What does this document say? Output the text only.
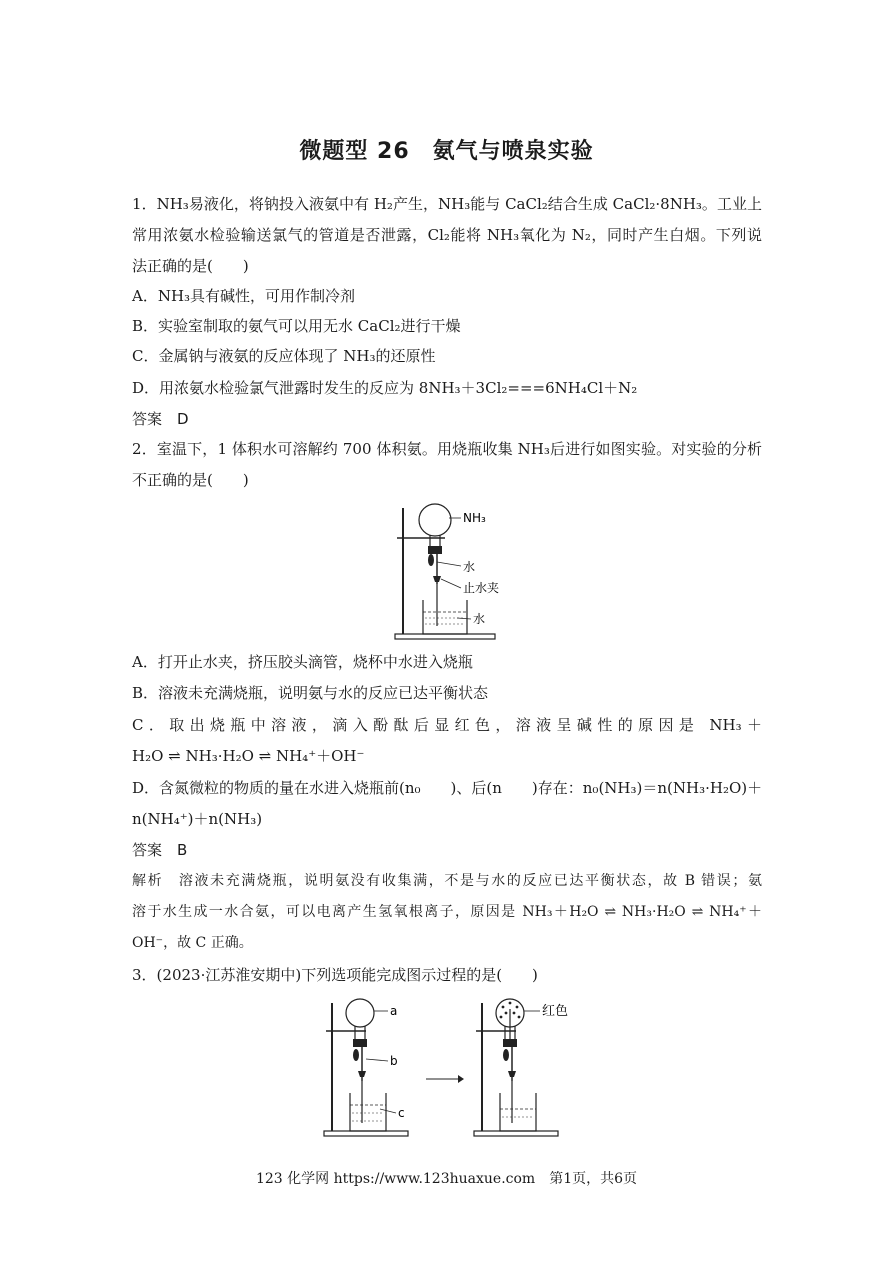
微题型 26　氨气与喷泉实验
1．NH₃易液化，将钠投入液氨中有 H₂产生，NH₃能与 CaCl₂结合生成 CaCl₂·8NH₃。工业上
常用浓氨水检验输送氯气的管道是否泄露，Cl₂能将 NH₃氧化为 N₂，同时产生白烟。下列说
法正确的是(　　)
A．NH₃具有碱性，可用作制冷剂
B．实验室制取的氨气可以用无水 CaCl₂进行干燥
C．金属钠与液氨的反应体现了 NH₃的还原性
D．用浓氨水检验氯气泄露时发生的反应为 8NH₃＋3Cl₂===6NH₄Cl＋N₂
答案　D
2．室温下，1 体积水可溶解约 700 体积氨。用烧瓶收集 NH₃后进行如图实验。对实验的分析
不正确的是(　　)
NH₃
水
止水夹
水
A．打开止水夹，挤压胶头滴管，烧杯中水进入烧瓶
B．溶液未充满烧瓶，说明氨与水的反应已达平衡状态
C．取出烧瓶中溶液，滴入酚酞后显红色，溶液呈碱性的原因是 NH₃＋
H₂O ⇌ NH₃·H₂O ⇌ NH₄⁺＋OH⁻
D．含氮微粒的物质的量在水进入烧瓶前(n₀　　)、后(n　　)存在：n₀(NH₃)＝n(NH₃·H₂O)＋
n(NH₄⁺)＋n(NH₃)
答案　B
解析　溶液未充满烧瓶，说明氨没有收集满，不是与水的反应已达平衡状态，故 B 错误；氨
溶于水生成一水合氨，可以电离产生氢氧根离子，原因是 NH₃＋H₂O ⇌ NH₃·H₂O ⇌ NH₄⁺＋
OH⁻，故 C 正确。
3．(2023·江苏淮安期中)下列选项能完成图示过程的是(　　)
a
b
c
红色
123 化学网 https://www.123huaxue.com　第1页，共6页
